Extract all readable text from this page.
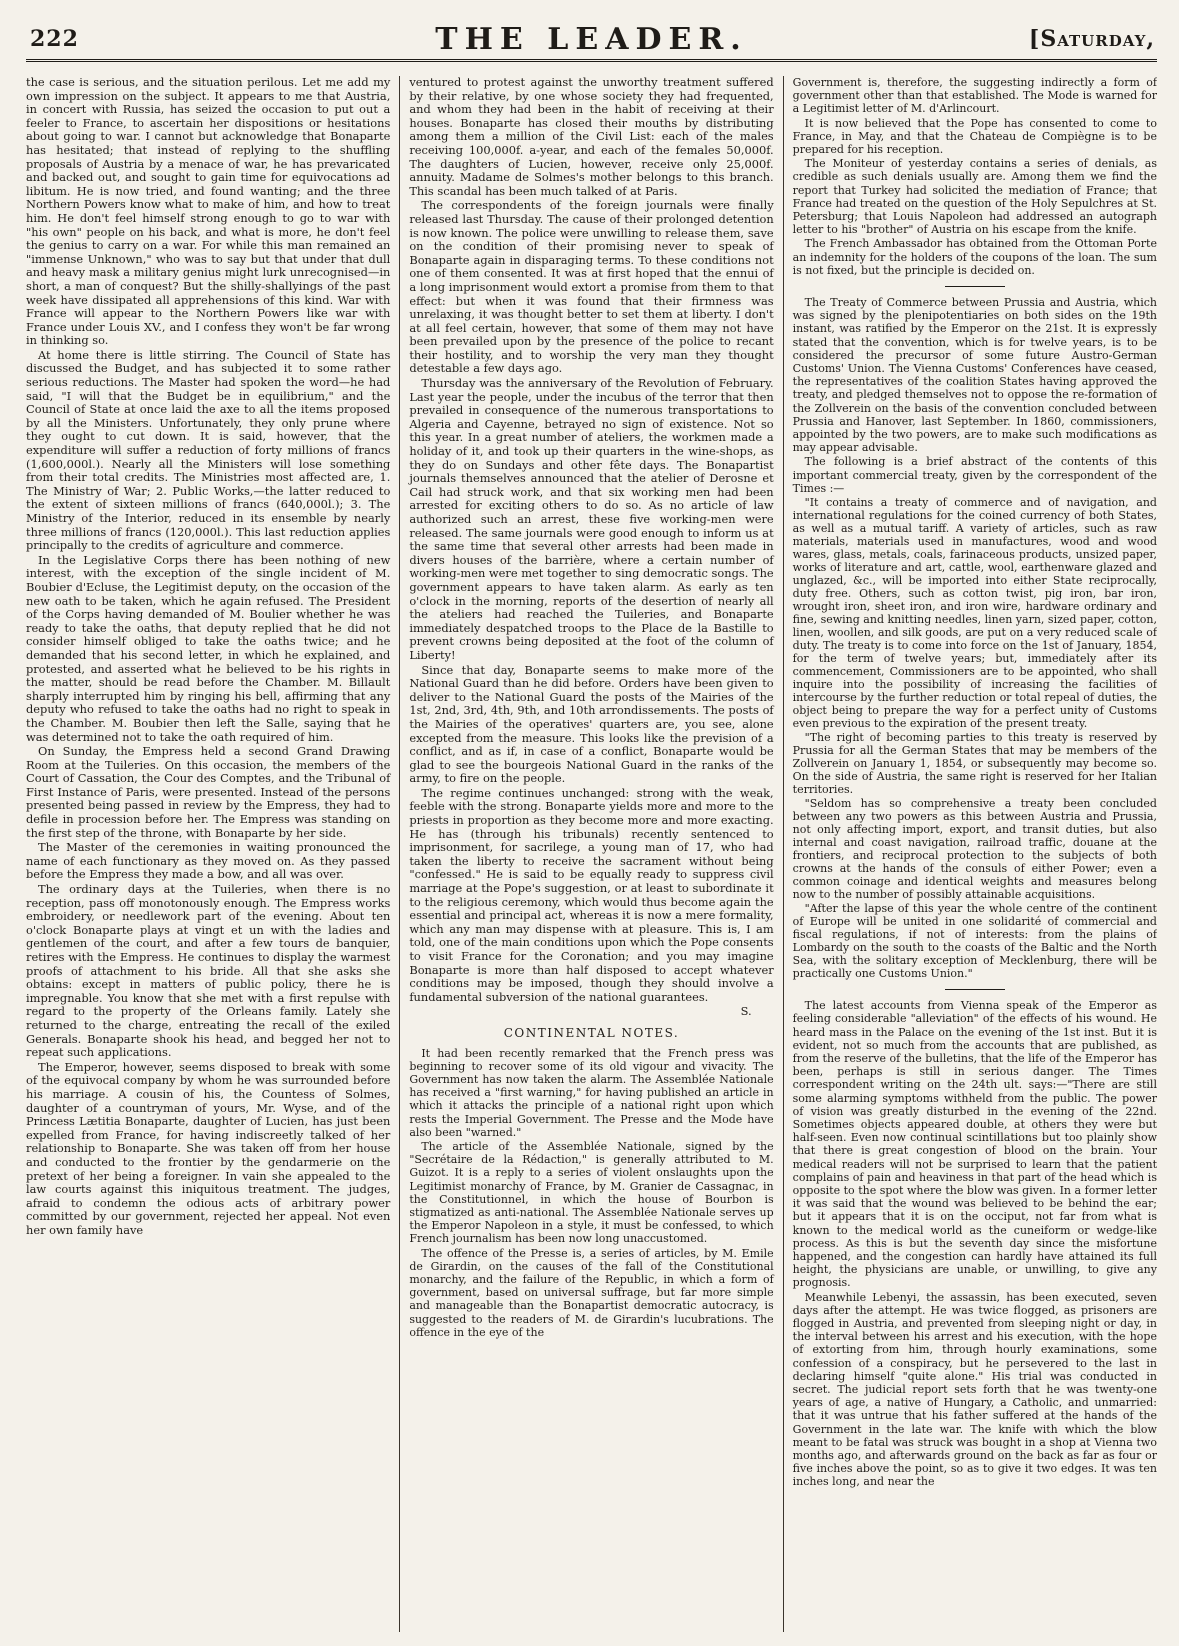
222	THE LEADER.	[Saturday,

the case is serious, and the situation perilous. Let me add my own impression on the subject. It appears to me that Austria, in concert with Russia, has seized the occasion to put out a feeler to France, to ascertain her dispositions or hesitations about going to war. I cannot but acknowledge that Bonaparte has hesitated; that instead of replying to the shuffling proposals of Austria by a menace of war, he has prevaricated and backed out, and sought to gain time for equivocations ad libitum. He is now tried, and found wanting; and the three Northern Powers know what to make of him, and how to treat him. He don't feel himself strong enough to go to war with "his own" people on his back, and what is more, he don't feel the genius to carry on a war. For while this man remained an "immense Unknown," who was to say but that under that dull and heavy mask a military genius might lurk unrecognised—in short, a man of conquest? But the shilly-shallyings of the past week have dissipated all apprehensions of this kind. War with France will appear to the Northern Powers like war with France under Louis XV., and I confess they won't be far wrong in thinking so.

At home there is little stirring. The Council of State has discussed the Budget, and has subjected it to some rather serious reductions. The Master had spoken the word—he had said, "I will that the Budget be in equilibrium," and the Council of State at once laid the axe to all the items proposed by all the Ministers. Unfortunately, they only prune where they ought to cut down. It is said, however, that the expenditure will suffer a reduction of forty millions of francs (1,600,000l.). Nearly all the Ministers will lose something from their total credits. The Ministries most affected are, 1. The Ministry of War; 2. Public Works,—the latter reduced to the extent of sixteen millions of francs (640,000l.); 3. The Ministry of the Interior, reduced in its ensemble by nearly three millions of francs (120,000l.). This last reduction applies principally to the credits of agriculture and commerce.

In the Legislative Corps there has been nothing of new interest, with the exception of the single incident of M. Boubier d'Ecluse, the Legitimist deputy, on the occasion of the new oath to be taken, which he again refused. The President of the Corps having demanded of M. Boulier whether he was ready to take the oaths, that deputy replied that he did not consider himself obliged to take the oaths twice; and he demanded that his second letter, in which he explained, and protested, and asserted what he believed to be his rights in the matter, should be read before the Chamber. M. Billault sharply interrupted him by ringing his bell, affirming that any deputy who refused to take the oaths had no right to speak in the Chamber. M. Boubier then left the Salle, saying that he was determined not to take the oath required of him.

On Sunday, the Empress held a second Grand Drawing Room at the Tuileries. On this occasion, the members of the Court of Cassation, the Cour des Comptes, and the Tribunal of First Instance of Paris, were presented. Instead of the persons presented being passed in review by the Empress, they had to defile in procession before her. The Empress was standing on the first step of the throne, with Bonaparte by her side.

The Master of the ceremonies in waiting pronounced the name of each functionary as they moved on. As they passed before the Empress they made a bow, and all was over.

The ordinary days at the Tuileries, when there is no reception, pass off monotonously enough. The Empress works embroidery, or needlework part of the evening. About ten o'clock Bonaparte plays at vingt et un with the ladies and gentlemen of the court, and after a few tours de banquier, retires with the Empress. He continues to display the warmest proofs of attachment to his bride. All that she asks she obtains: except in matters of public policy, there he is impregnable. You know that she met with a first repulse with regard to the property of the Orleans family. Lately she returned to the charge, entreating the recall of the exiled Generals. Bonaparte shook his head, and begged her not to repeat such applications.

The Emperor, however, seems disposed to break with some of the equivocal company by whom he was surrounded before his marriage. A cousin of his, the Countess of Solmes, daughter of a countryman of yours, Mr. Wyse, and of the Princess Lætitia Bonaparte, daughter of Lucien, has just been expelled from France, for having indiscreetly talked of her relationship to Bonaparte. She was taken off from her house and conducted to the frontier by the gendarmerie on the pretext of her being a foreigner. In vain she appealed to the law courts against this iniquitous treatment. The judges, afraid to condemn the odious acts of arbitrary power committed by our government, rejected her appeal. Not even her own family have

ventured to protest against the unworthy treatment suffered by their relative, by one whose society they had frequented, and whom they had been in the habit of receiving at their houses. Bonaparte has closed their mouths by distributing among them a million of the Civil List: each of the males receiving 100,000f. a-year, and each of the females 50,000f. The daughters of Lucien, however, receive only 25,000f. annuity. Madame de Solmes's mother belongs to this branch. This scandal has been much talked of at Paris.

The correspondents of the foreign journals were finally released last Thursday. The cause of their prolonged detention is now known. The police were unwilling to release them, save on the condition of their promising never to speak of Bonaparte again in disparaging terms. To these conditions not one of them consented. It was at first hoped that the ennui of a long imprisonment would extort a promise from them to that effect: but when it was found that their firmness was unrelaxing, it was thought better to set them at liberty. I don't at all feel certain, however, that some of them may not have been prevailed upon by the presence of the police to recant their hostility, and to worship the very man they thought detestable a few days ago.

Thursday was the anniversary of the Revolution of February. Last year the people, under the incubus of the terror that then prevailed in consequence of the numerous transportations to Algeria and Cayenne, betrayed no sign of existence. Not so this year. In a great number of ateliers, the workmen made a holiday of it, and took up their quarters in the wine-shops, as they do on Sundays and other fête days. The Bonapartist journals themselves announced that the atelier of Derosne et Cail had struck work, and that six working men had been arrested for exciting others to do so. As no article of law authorized such an arrest, these five working-men were released. The same journals were good enough to inform us at the same time that several other arrests had been made in divers houses of the barrière, where a certain number of working-men were met together to sing democratic songs. The government appears to have taken alarm. As early as ten o'clock in the morning, reports of the desertion of nearly all the ateliers had reached the Tuileries, and Bonaparte immediately despatched troops to the Place de la Bastille to prevent crowns being deposited at the foot of the column of Liberty!

Since that day, Bonaparte seems to make more of the National Guard than he did before. Orders have been given to deliver to the National Guard the posts of the Mairies of the 1st, 2nd, 3rd, 4th, 9th, and 10th arrondissements. The posts of the Mairies of the operatives' quarters are, you see, alone excepted from the measure. This looks like the prevision of a conflict, and as if, in case of a conflict, Bonaparte would be glad to see the bourgeois National Guard in the ranks of the army, to fire on the people.

The regime continues unchanged: strong with the weak, feeble with the strong. Bonaparte yields more and more to the priests in proportion as they become more and more exacting. He has (through his tribunals) recently sentenced to imprisonment, for sacrilege, a young man of 17, who had taken the liberty to receive the sacrament without being "confessed." He is said to be equally ready to suppress civil marriage at the Pope's suggestion, or at least to subordinate it to the religious ceremony, which would thus become again the essential and principal act, whereas it is now a mere formality, which any man may dispense with at pleasure. This is, I am told, one of the main conditions upon which the Pope consents to visit France for the Coronation; and you may imagine Bonaparte is more than half disposed to accept whatever conditions may be imposed, though they should involve a fundamental subversion of the national guarantees.

S.
CONTINENTAL NOTES.

It had been recently remarked that the French press was beginning to recover some of its old vigour and vivacity. The Government has now taken the alarm. The Assemblée Nationale has received a "first warning," for having published an article in which it attacks the principle of a national right upon which rests the Imperial Government. The Presse and the Mode have also been "warned."

The article of the Assemblée Nationale, signed by the "Secrétaire de la Rédaction," is generally attributed to M. Guizot. It is a reply to a series of violent onslaughts upon the Legitimist monarchy of France, by M. Granier de Cassagnac, in the Constitutionnel, in which the house of Bourbon is stigmatized as anti-national. The Assemblée Nationale serves up the Emperor Napoleon in a style, it must be confessed, to which French journalism has been now long unaccustomed.

The offence of the Presse is, a series of articles, by M. Emile de Girardin, on the causes of the fall of the Constitutional monarchy, and the failure of the Republic, in which a form of government, based on universal suffrage, but far more simple and manageable than the Bonapartist democratic autocracy, is suggested to the readers of M. de Girardin's lucubrations. The offence in the eye of the

Government is, therefore, the suggesting indirectly a form of government other than that established. The Mode is warned for a Legitimist letter of M. d'Arlincourt.

It is now believed that the Pope has consented to come to France, in May, and that the Chateau de Compiègne is to be prepared for his reception.

The Moniteur of yesterday contains a series of denials, as credible as such denials usually are. Among them we find the report that Turkey had solicited the mediation of France; that France had treated on the question of the Holy Sepulchres at St. Petersburg; that Louis Napoleon had addressed an autograph letter to his "brother" of Austria on his escape from the knife.

The French Ambassador has obtained from the Ottoman Porte an indemnity for the holders of the coupons of the loan. The sum is not fixed, but the principle is decided on.

The Treaty of Commerce between Prussia and Austria, which was signed by the plenipotentiaries on both sides on the 19th instant, was ratified by the Emperor on the 21st. It is expressly stated that the convention, which is for twelve years, is to be considered the precursor of some future Austro-German Customs' Union. The Vienna Customs' Conferences have ceased, the representatives of the coalition States having approved the treaty, and pledged themselves not to oppose the re-formation of the Zollverein on the basis of the convention concluded between Prussia and Hanover, last September. In 1860, commissioners, appointed by the two powers, are to make such modifications as may appear advisable.

The following is a brief abstract of the contents of this important commercial treaty, given by the correspondent of the Times :—

"It contains a treaty of commerce and of navigation, and international regulations for the coined currency of both States, as well as a mutual tariff. A variety of articles, such as raw materials, materials used in manufactures, wood and wood wares, glass, metals, coals, farinaceous products, unsized paper, works of literature and art, cattle, wool, earthenware glazed and unglazed, &c., will be imported into either State reciprocally, duty free. Others, such as cotton twist, pig iron, bar iron, wrought iron, sheet iron, and iron wire, hardware ordinary and fine, sewing and knitting needles, linen yarn, sized paper, cotton, linen, woollen, and silk goods, are put on a very reduced scale of duty. The treaty is to come into force on the 1st of January, 1854, for the term of twelve years; but, immediately after its commencement, Commissioners are to be appointed, who shall inquire into the possibility of increasing the facilities of intercourse by the further reduction or total repeal of duties, the object being to prepare the way for a perfect unity of Customs even previous to the expiration of the present treaty.

"The right of becoming parties to this treaty is reserved by Prussia for all the German States that may be members of the Zollverein on January 1, 1854, or subsequently may become so. On the side of Austria, the same right is reserved for her Italian territories.

"Seldom has so comprehensive a treaty been concluded between any two powers as this between Austria and Prussia, not only affecting import, export, and transit duties, but also internal and coast navigation, railroad traffic, douane at the frontiers, and reciprocal protection to the subjects of both crowns at the hands of the consuls of either Power; even a common coinage and identical weights and measures belong now to the number of possibly attainable acquisitions.

"After the lapse of this year the whole centre of the continent of Europe will be united in one solidarité of commercial and fiscal regulations, if not of interests: from the plains of Lombardy on the south to the coasts of the Baltic and the North Sea, with the solitary exception of Mecklenburg, there will be practically one Customs Union."

The latest accounts from Vienna speak of the Emperor as feeling considerable "alleviation" of the effects of his wound. He heard mass in the Palace on the evening of the 1st inst. But it is evident, not so much from the accounts that are published, as from the reserve of the bulletins, that the life of the Emperor has been, perhaps is still in serious danger. The Times correspondent writing on the 24th ult. says:—"There are still some alarming symptoms withheld from the public. The power of vision was greatly disturbed in the evening of the 22nd. Sometimes objects appeared double, at others they were but half-seen. Even now continual scintillations but too plainly show that there is great congestion of blood on the brain. Your medical readers will not be surprised to learn that the patient complains of pain and heaviness in that part of the head which is opposite to the spot where the blow was given. In a former letter it was said that the wound was believed to be behind the ear; but it appears that it is on the occiput, not far from what is known to the medical world as the cuneiform or wedge-like process. As this is but the seventh day since the misfortune happened, and the congestion can hardly have attained its full height, the physicians are unable, or unwilling, to give any prognosis.

Meanwhile Lebenyi, the assassin, has been executed, seven days after the attempt. He was twice flogged, as prisoners are flogged in Austria, and prevented from sleeping night or day, in the interval between his arrest and his execution, with the hope of extorting from him, through hourly examinations, some confession of a conspiracy, but he persevered to the last in declaring himself "quite alone." His trial was conducted in secret. The judicial report sets forth that he was twenty-one years of age, a native of Hungary, a Catholic, and unmarried: that it was untrue that his father suffered at the hands of the Government in the late war. The knife with which the blow meant to be fatal was struck was bought in a shop at Vienna two months ago, and afterwards ground on the back as far as four or five inches above the point, so as to give it two edges. It was ten inches long, and near the
